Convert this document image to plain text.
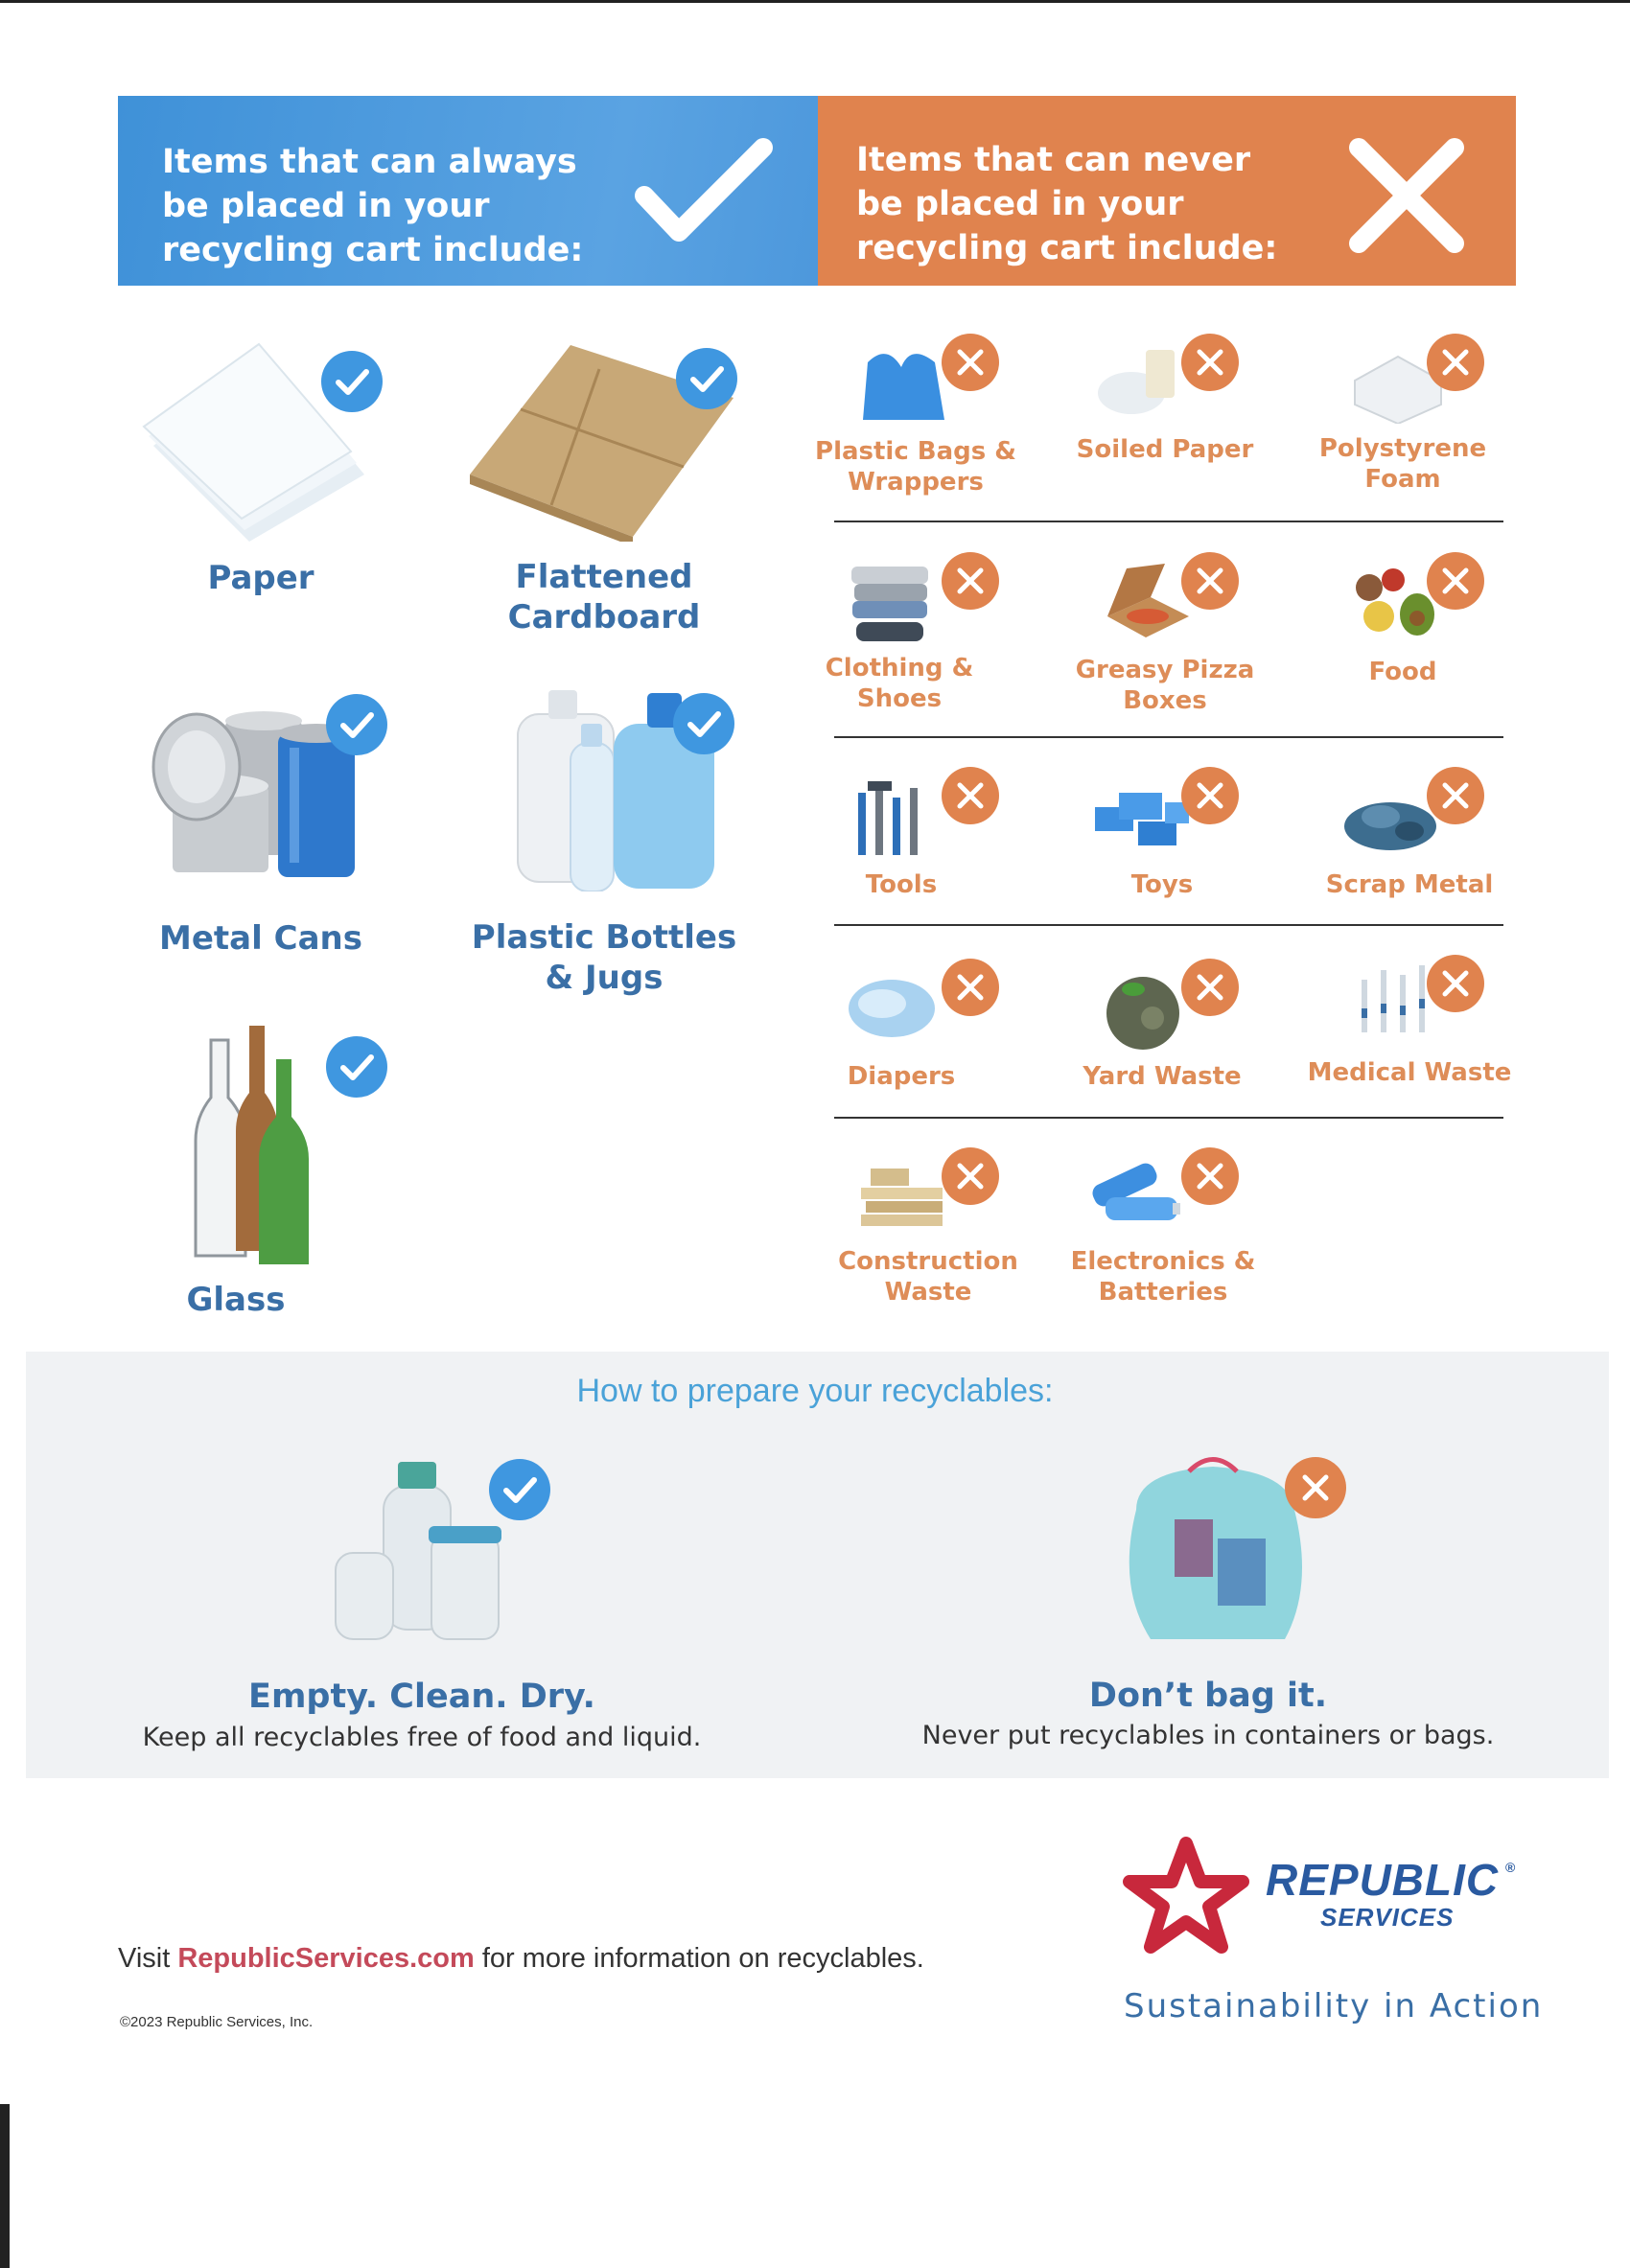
Items that can always be placed in your recycling cart include:
Items that can never be placed in your recycling cart include:
Paper	Flattened Cardboard
Metal Cans	Plastic Bottles & Jugs
Glass
Plastic Bags & Wrappers
Soiled Paper	Polystyrene Foam
Clothing & Shoes
Greasy Pizza Boxes
Food
Tools	Toys	Scrap Metal
Diapers	Yard Waste	Medical Waste
Construction Waste
Electronics & Batteries
How to prepare your recyclables:
Empty. Clean. Dry.
Keep all recyclables free of food and liquid.
Don’t bag it.
Never put recyclables in containers or bags.
Visit RepublicServices.com for more information on recyclables.
©2023 Republic Services, Inc.
REPUBLIC ®
SERVICES
Sustainability in Action
